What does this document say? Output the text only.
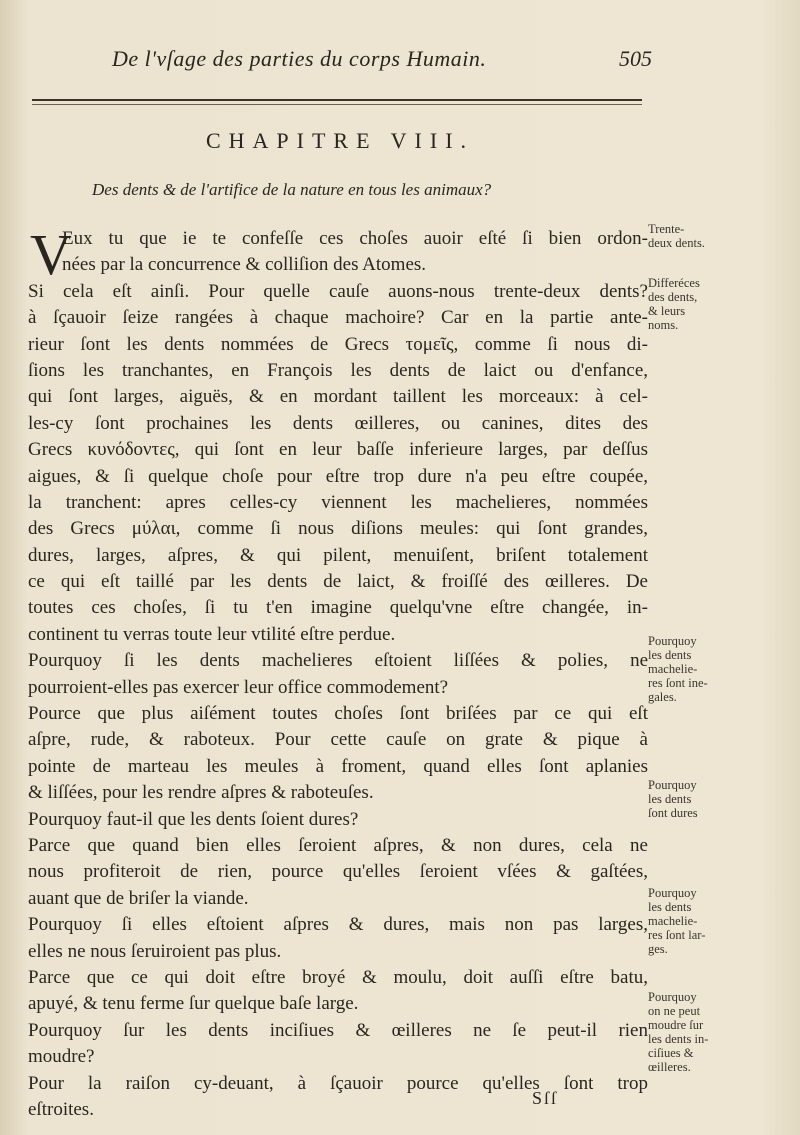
De l'vſage des parties du corps Humain.	505
CHAPITRE VIII.
Des dents & de l'artifice de la nature en tous les animaux?
V
Eux tu que ie te confeſſe ces choſes auoir eſté ſi bien ordon-
nées par la concurrence & colliſion des Atomes.
Si cela eſt ainſi. Pour quelle cauſe auons-nous trente-deux dents?
à ſçauoir ſeize rangées à chaque machoire? Car en la partie ante-
rieur ſont les dents nommées de Grecs τομεῖς, comme ſi nous di-
ſions les tranchantes, en François les dents de laict ou d'enfance,
qui ſont larges, aiguës, & en mordant taillent les morceaux: à cel-
les-cy ſont prochaines les dents œilleres, ou canines, dites des
Grecs κυνόδοντες, qui ſont en leur baſſe inferieure larges, par deſſus
aigues, & ſi quelque choſe pour eſtre trop dure n'a peu eſtre coupée,
la tranchent: apres celles-cy viennent les machelieres, nommées
des Grecs μύλαι, comme ſi nous diſions meules: qui ſont grandes,
dures, larges, aſpres, & qui pilent, menuiſent, briſent totalement
ce qui eſt taillé par les dents de laict, & froiſſé des œilleres. De
toutes ces choſes, ſi tu t'en imagine quelqu'vne eſtre changée, in-
continent tu verras toute leur vtilité eſtre perdue.
Pourquoy ſi les dents machelieres eſtoient liſſées & polies, ne
pourroient-elles pas exercer leur office commodement?
Pource que plus aiſément toutes choſes ſont briſées par ce qui eſt
aſpre, rude, & raboteux. Pour cette cauſe on grate & pique à
pointe de marteau les meules à froment, quand elles ſont aplanies
& liſſées, pour les rendre aſpres & raboteuſes.
Pourquoy faut-il que les dents ſoient dures?
Parce que quand bien elles ſeroient aſpres, & non dures, cela ne
nous profiteroit de rien, pource qu'elles ſeroient vſées & gaſtées,
auant que de briſer la viande.
Pourquoy ſi elles eſtoient aſpres & dures, mais non pas larges,
elles ne nous ſeruiroient pas plus.
Parce que ce qui doit eſtre broyé & moulu, doit auſſi eſtre batu,
apuyé, & tenu ferme ſur quelque baſe large.
Pourquoy ſur les dents inciſiues & œilleres ne ſe peut-il rien
moudre?
Pour la raiſon cy-deuant, à ſçauoir pource qu'elles ſont trop
eſtroites.
Trente-
deux dents.
Differéces
des dents,
& leurs
noms.
Pourquoy
les dents
machelie-
res ſont ine-
gales.
Pourquoy
les dents
ſont dures
Pourquoy
les dents
machelie-
res ſont lar-
ges.
Pourquoy
on ne peut
moudre ſur
les dents in-
ciſiues &
œilleres.
Sſſ
